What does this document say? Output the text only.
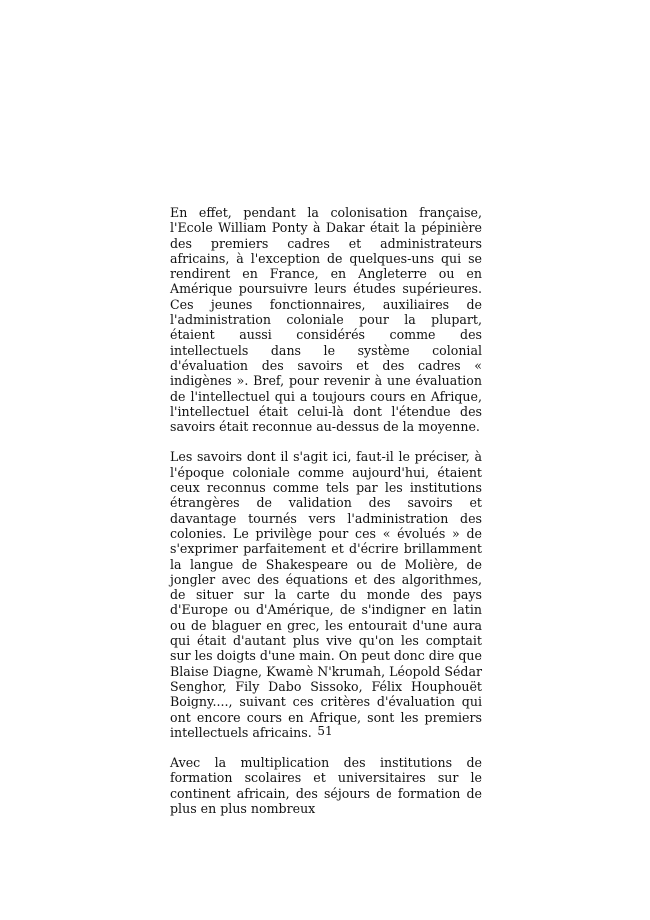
En effet, pendant la colonisation française, l'Ecole William Ponty à Dakar était la pépinière des premiers cadres et administrateurs africains, à l'exception de quelques-uns qui se rendirent en France, en Angleterre ou en Amérique poursuivre leurs études supérieures. Ces jeunes fonctionnaires, auxiliaires de l'administration coloniale pour la plupart, étaient aussi considérés comme des intellectuels dans le système colonial d'évaluation des savoirs et des cadres « indigènes ». Bref, pour revenir à une évaluation de l'intellectuel qui a toujours cours en Afrique, l'intellectuel était celui-là dont l'étendue des savoirs était reconnue au-dessus de la moyenne.

Les savoirs dont il s'agit ici, faut-il le préciser, à l'époque coloniale comme aujourd'hui, étaient ceux reconnus comme tels par les institutions étrangères de validation des savoirs et davantage tournés vers l'administration des colonies. Le privilège pour ces « évolués » de s'exprimer parfaitement et d'écrire brillamment la langue de Shakespeare ou de Molière, de jongler avec des équations et des algorithmes, de situer sur la carte du monde des pays d'Europe ou d'Amérique, de s'indigner en latin ou de blaguer en grec, les entourait d'une aura qui était d'autant plus vive qu'on les comptait sur les doigts d'une main. On peut donc dire que Blaise Diagne, Kwamè N'krumah, Léopold Sédar Senghor, Fily Dabo Sissoko, Félix Houphouët Boigny...., suivant ces critères d'évaluation qui ont encore cours en Afrique, sont les premiers intellectuels africains.

Avec la multiplication des institutions de formation scolaires et universitaires sur le continent africain, des séjours de formation de plus en plus nombreux

51
